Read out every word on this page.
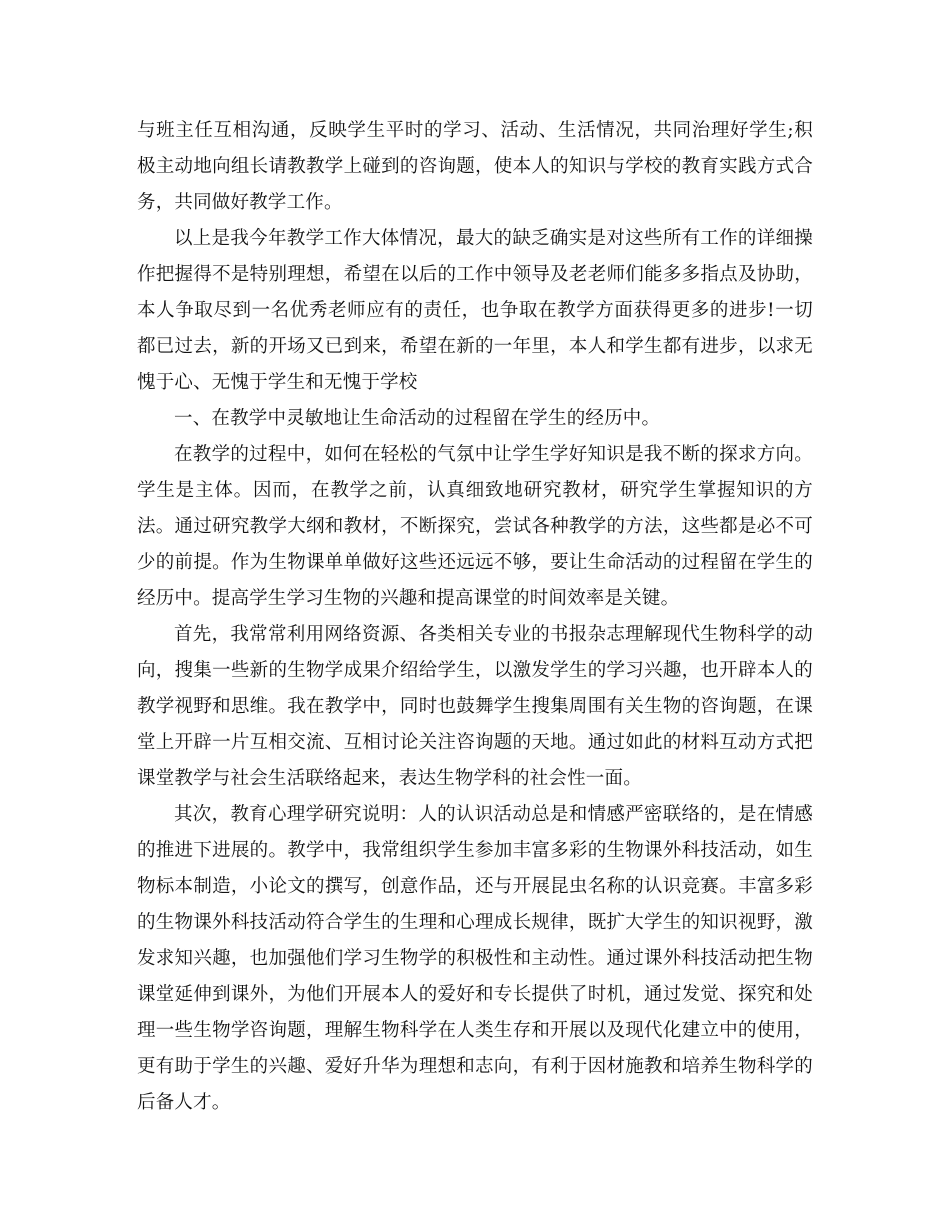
与班主任互相沟通，反映学生平时的学习、活动、生活情况，共同治理好学生;积极主动地向组长请教教学上碰到的咨询题，使本人的知识与学校的教育实践方式合务，共同做好教学工作。

以上是我今年教学工作大体情况，最大的缺乏确实是对这些所有工作的详细操作把握得不是特别理想，希望在以后的工作中领导及老老师们能多多指点及协助，本人争取尽到一名优秀老师应有的责任，也争取在教学方面获得更多的进步!一切都已过去，新的开场又已到来，希望在新的一年里，本人和学生都有进步，以求无愧于心、无愧于学生和无愧于学校

一、在教学中灵敏地让生命活动的过程留在学生的经历中。

在教学的过程中，如何在轻松的气氛中让学生学好知识是我不断的探求方向。学生是主体。因而，在教学之前，认真细致地研究教材，研究学生掌握知识的方法。通过研究教学大纲和教材，不断探究，尝试各种教学的方法，这些都是必不可少的前提。作为生物课单单做好这些还远远不够，要让生命活动的过程留在学生的经历中。提高学生学习生物的兴趣和提高课堂的时间效率是关键。

首先，我常常利用网络资源、各类相关专业的书报杂志理解现代生物科学的动向，搜集一些新的生物学成果介绍给学生，以激发学生的学习兴趣，也开辟本人的教学视野和思维。我在教学中，同时也鼓舞学生搜集周围有关生物的咨询题，在课堂上开辟一片互相交流、互相讨论关注咨询题的天地。通过如此的材料互动方式把课堂教学与社会生活联络起来，表达生物学科的社会性一面。

其次，教育心理学研究说明：人的认识活动总是和情感严密联络的，是在情感的推进下进展的。教学中，我常组织学生参加丰富多彩的生物课外科技活动，如生物标本制造，小论文的撰写，创意作品，还与开展昆虫名称的认识竞赛。丰富多彩的生物课外科技活动符合学生的生理和心理成长规律，既扩大学生的知识视野，激发求知兴趣，也加强他们学习生物学的积极性和主动性。通过课外科技活动把生物课堂延伸到课外，为他们开展本人的爱好和专长提供了时机，通过发觉、探究和处理一些生物学咨询题，理解生物科学在人类生存和开展以及现代化建立中的使用，更有助于学生的兴趣、爱好升华为理想和志向，有利于因材施教和培养生物科学的后备人才。
